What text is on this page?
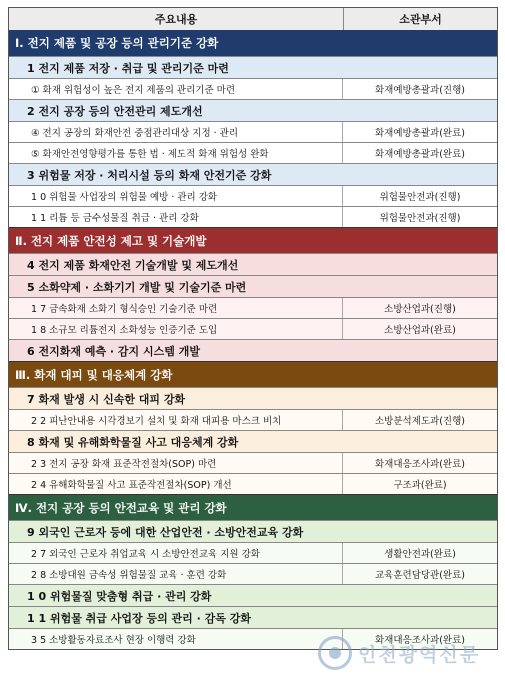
주요내용	소관부서
Ⅰ. 전지 제품 및 공장 등의 관리기준 강화
1 전지 제품 저장 · 취급 및 관리기준 마련
① 화재 위험성이 높은 전지 제품의 관리기준 마련	화재예방총괄과(진행)
2 전지 공장 등의 안전관리 제도개선
④ 전지 공장의 화재안전 중점관리대상 지정 · 관리	화재예방총괄과(완료)
⑤ 화재안전영향평가를 통한 법 · 제도적 화재 위험성 완화	화재예방총괄과(완료)
3 위험물 저장 · 처리시설 등의 화재 안전기준 강화
1 0 위험물 사업장의 위험물 예방 · 관리 강화	위험물안전과(진행)
1 1 리튬 등 금수성물질 취급 · 관리 강화	위험물안전과(진행)
Ⅱ. 전지 제품 안전성 제고 및 기술개발
4 전지 제품 화재안전 기술개발 및 제도개선
5 소화약제 · 소화기기 개발 및 기술기준 마련
1 7 금속화재 소화기 형식승인 기술기준 마련	소방산업과(진행)
1 8 소규모 리튬전지 소화성능 인증기준 도입	소방산업과(완료)
6 전지화재 예측 · 감지 시스템 개발
Ⅲ. 화재 대피 및 대응체계 강화
7 화재 발생 시 신속한 대피 강화
2 2 피난안내용 시각경보기 설치 및 화재 대피용 마스크 비치	소방분석제도과(진행)
8 화재 및 유해화학물질 사고 대응체계 강화
2 3 전지 공장 화재 표준작전절차(SOP) 마련	화재대응조사과(완료)
2 4 유해화학물질 사고 표준작전절차(SOP) 개선	구조과(완료)
Ⅳ. 전지 공장 등의 안전교육 및 관리 강화
9 외국인 근로자 등에 대한 산업안전 · 소방안전교육 강화
2 7 외국인 근로자 취업교육 시 소방안전교육 지원 강화	생활안전과(완료)
2 8 소방대원 금속성 위험물질 교육 · 훈련 강화	교육훈련담당관(완료)
1 0 위험물질 맞춤형 취급 · 관리 강화
1 1 위험물 취급 사업장 등의 관리 · 감독 강화
3 5 소방활동자료조사 현장 이행력 강화	화재대응조사과(완료)
인천광역신문
